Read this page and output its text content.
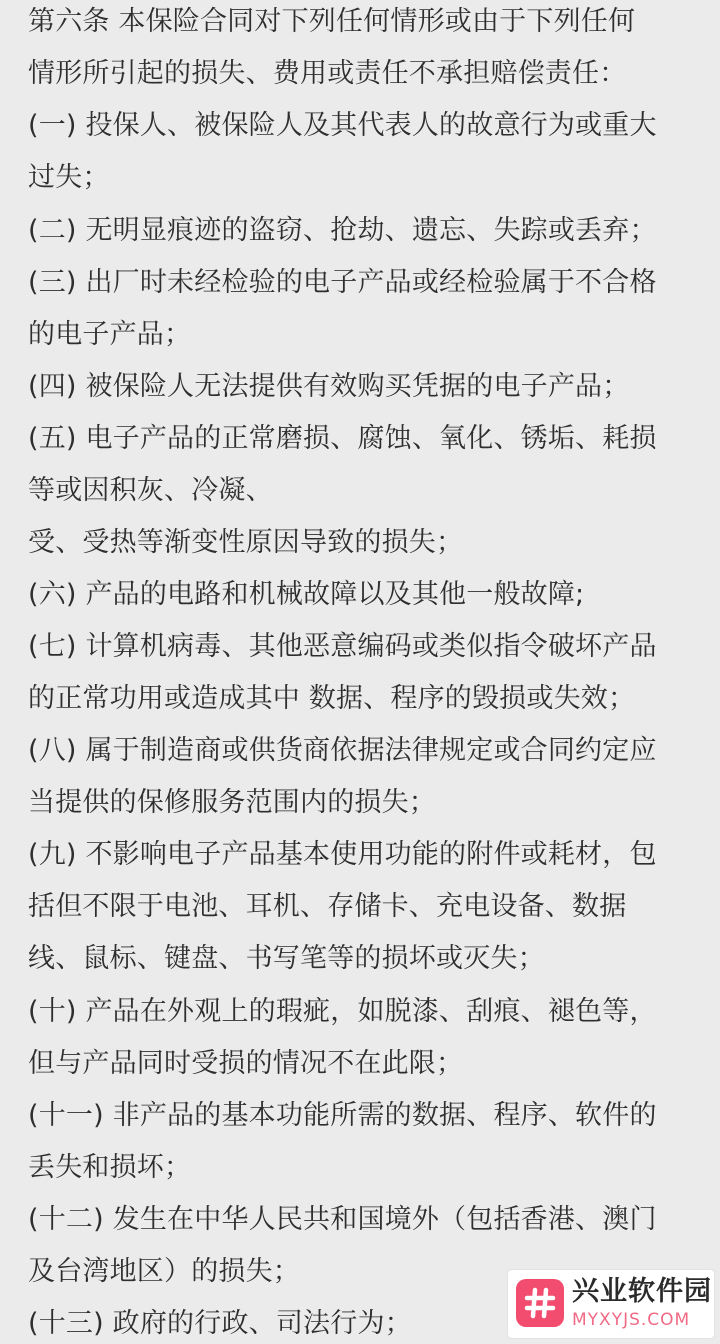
第六条 本保险合同对下列任何情形或由于下列任何
情形所引起的损失、费用或责任不承担赔偿责任：
(一) 投保人、被保险人及其代表人的故意行为或重大
过失；
(二) 无明显痕迹的盗窃、抢劫、遗忘、失踪或丢弃；
(三) 出厂时未经检验的电子产品或经检验属于不合格
的电子产品；
(四) 被保险人无法提供有效购买凭据的电子产品；
(五) 电子产品的正常磨损、腐蚀、氧化、锈垢、耗损
等或因积灰、冷凝、
受、受热等渐变性原因导致的损失；
(六) 产品的电路和机械故障以及其他一般故障;
(七) 计算机病毒、其他恶意编码或类似指令破坏产品
的正常功用或造成其中 数据、程序的毁损或失效；
(八) 属于制造商或供货商依据法律规定或合同约定应
当提供的保修服务范围内的损失；
(九) 不影响电子产品基本使用功能的附件或耗材，包
括但不限于电池、耳机、存储卡、充电设备、数据
线、鼠标、键盘、书写笔等的损坏或灭失；
(十) 产品在外观上的瑕疵，如脱漆、刮痕、褪色等，
但与产品同时受损的情况不在此限；
(十一) 非产品的基本功能所需的数据、程序、软件的
丢失和损坏；
(十二) 发生在中华人民共和国境外（包括香港、澳门
及台湾地区）的损失；
(十三) 政府的行政、司法行为；
兴业软件园
MYXYJS.COM
